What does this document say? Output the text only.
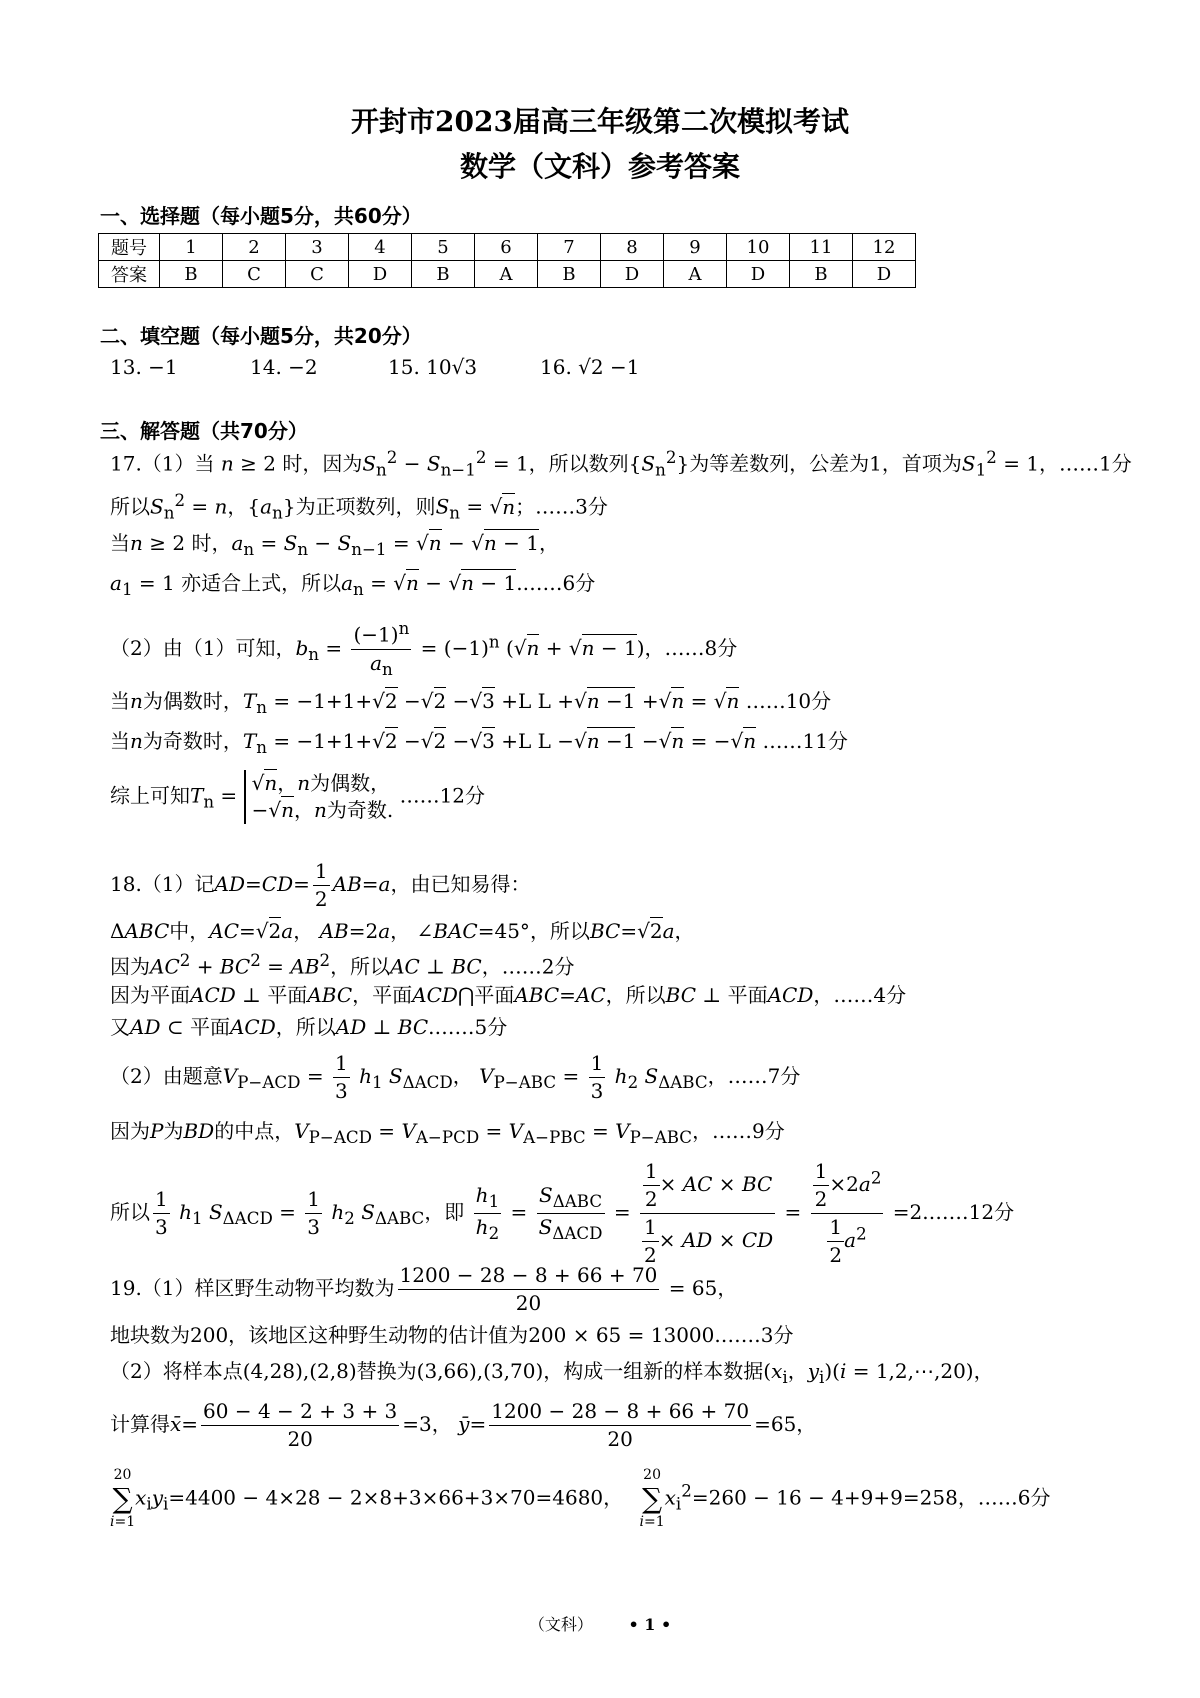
开封市2023届高三年级第二次模拟考试
数学（文科）参考答案
一、选择题（每小题5分，共60分）
题号	1	2	3	4	5	6	7	8	9	10	11	12
答案	B	C	C	D	B	A	B	D	A	D	B	D
二、填空题（每小题5分，共20分）
13. −1	14. −2	15. 10√3	16. √2 −1
三、解答题（共70分）
17.（1）当 n ≥ 2 时，因为$S_n^2 - S_{n-1}^2 = 1$，所以数列$\{S_n^2\}$为等差数列，公差为1，首项为$S_1^2 = 1$，……1分
所以$S_n^2 = n$，$\{a_n\}$为正项数列，则$S_n = √n$；……3分
当n ≥ 2 时，$a_n = S_n - S_{n-1} = √n - √n - 1$，
$a_1 = 1$ 亦适合上式，所以$a_n = √n - √n$ − 1.……6分
（2）由（1）可知，$b_n = \frac{(-1)^n}{a_n} = (-1)^n$ (√n + √n − 1)，……8分
当n为偶数时，$T_n = -1+1+√2 -√2 -√3 +L$ L +√n −1 +√n = √n ……10分
当n为奇数时，$T_n = -1+1+√2 -√2 -√3 +L$ L −√n −1 −√n = −√n ……11分
综上可知$T_n$ =
√n，n为偶数，
−√n，n为奇数.
……12分
18.（1）记$AD=CD= \frac{1}{2} AB=a$，由已知易得：
ΔABC中，AC=√2a， AB=2a， ∠BAC=45°，所以BC=√2a，
因为$AC^2 + BC^2 = AB^2$，所以AC ⊥ BC，……2分
因为平面ACD ⊥ 平面ABC，平面ACD⋂平面ABC=AC，所以BC ⊥ 平面ACD，……4分
又AD ⊂ 平面ACD，所以AD ⊥ BC.……5分
（2）由题意$V_{P-ACD} = \frac{1}{3} h_1$ $S_{\Delta ACD}$， $V_{P-ABC} = \frac{1}{3} h_2$ $S_{\Delta ABC}$，……7分
因为P为BD的中点，$V_{P-ACD} = V_{A-PCD} = V_{A-PBC} = V_{P-ABC}$，……9分
所以 $\frac{1}{3} h_1$ $S_{\Delta ACD} = \frac{1}{3} h_2$ $S_{\Delta ABC}$，即 $\frac{h_1}{h_2} = \frac{S_{\Delta ABC}}{S_{\Delta ACD}} = \frac{\frac{1}{2} \times AC \times BC}{\frac{1}{2} \times AD \times CD} = \frac{\frac{1}{2} \times 2a^2}{\frac{1}{2} a^2}$ =2.……12分
19.（1）样区野生动物平均数为 $\frac{1200 - 28 - 8 + 66 + 70}{20} = 65$，
地块数为200，该地区这种野生动物的估计值为200 × 65 = 13000.……3分
（2）将样本点(4,28),(2,8)替换为(3,66),(3,70)，构成一组新的样本数据($x_i$，$y_i)(i$ = 1,2,⋯,20)，
计算得x̄= $\frac{60 - 4 - 2 + 3 + 3}{20} =3$， ȳ= $\frac{1200 - 28 - 8 + 66 + 70}{20} =65$，
20
∑
i=1
$x_iy_i=4400 - 4\times 28 - 2\times 8+3\times 66+3\times 70=4680$，
20
∑
i=1
$x_i^2=260 - 16 - 4+9+9=258$，……6分
（文科） • 1 •
